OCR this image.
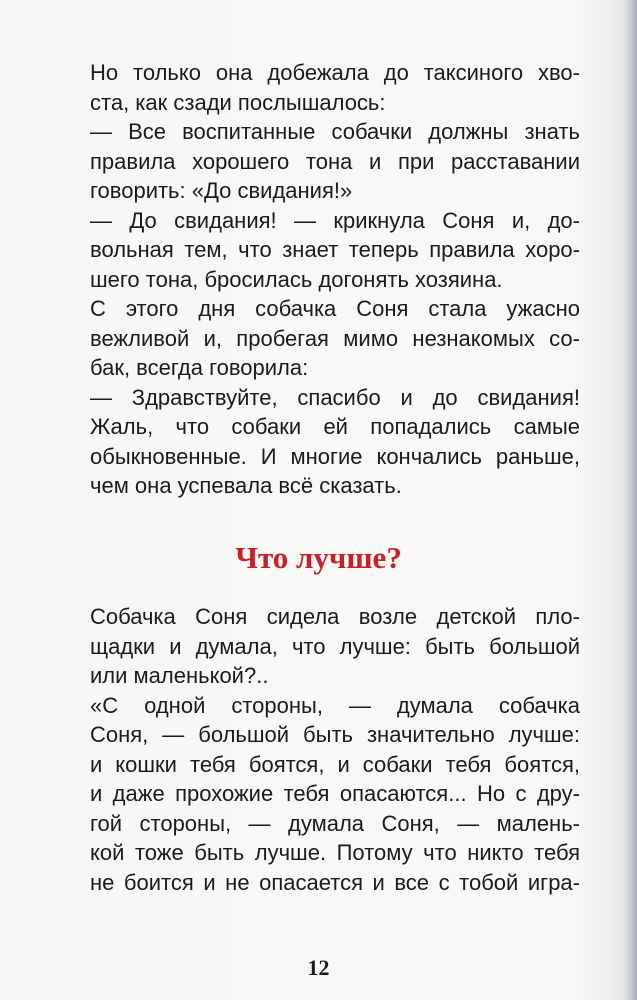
Но только она добежала до таксиного хво-
ста, как сзади послышалось:
— Все воспитанные собачки должны знать
правила хорошего тона и при расставании
говорить: «До свидания!»
— До свидания! — крикнула Соня и, до-
вольная тем, что знает теперь правила хоро-
шего тона, бросилась догонять хозяина.
С этого дня собачка Соня стала ужасно
вежливой и, пробегая мимо незнакомых со-
бак, всегда говорила:
— Здравствуйте, спасибо и до свидания!
Жаль, что собаки ей попадались самые
обыкновенные. И многие кончались раньше,
чем она успевала всё сказать.
Что лучше?
Собачка Соня сидела возле детской пло-
щадки и думала, что лучше: быть большой
или маленькой?..
«С одной стороны, — думала собачка
Соня, — большой быть значительно лучше:
и кошки тебя боятся, и собаки тебя боятся,
и даже прохожие тебя опасаются... Но с дру-
гой стороны, — думала Соня, — малень-
кой тоже быть лучше. Потому что никто тебя
не боится и не опасается и все с тобой игра-
12
